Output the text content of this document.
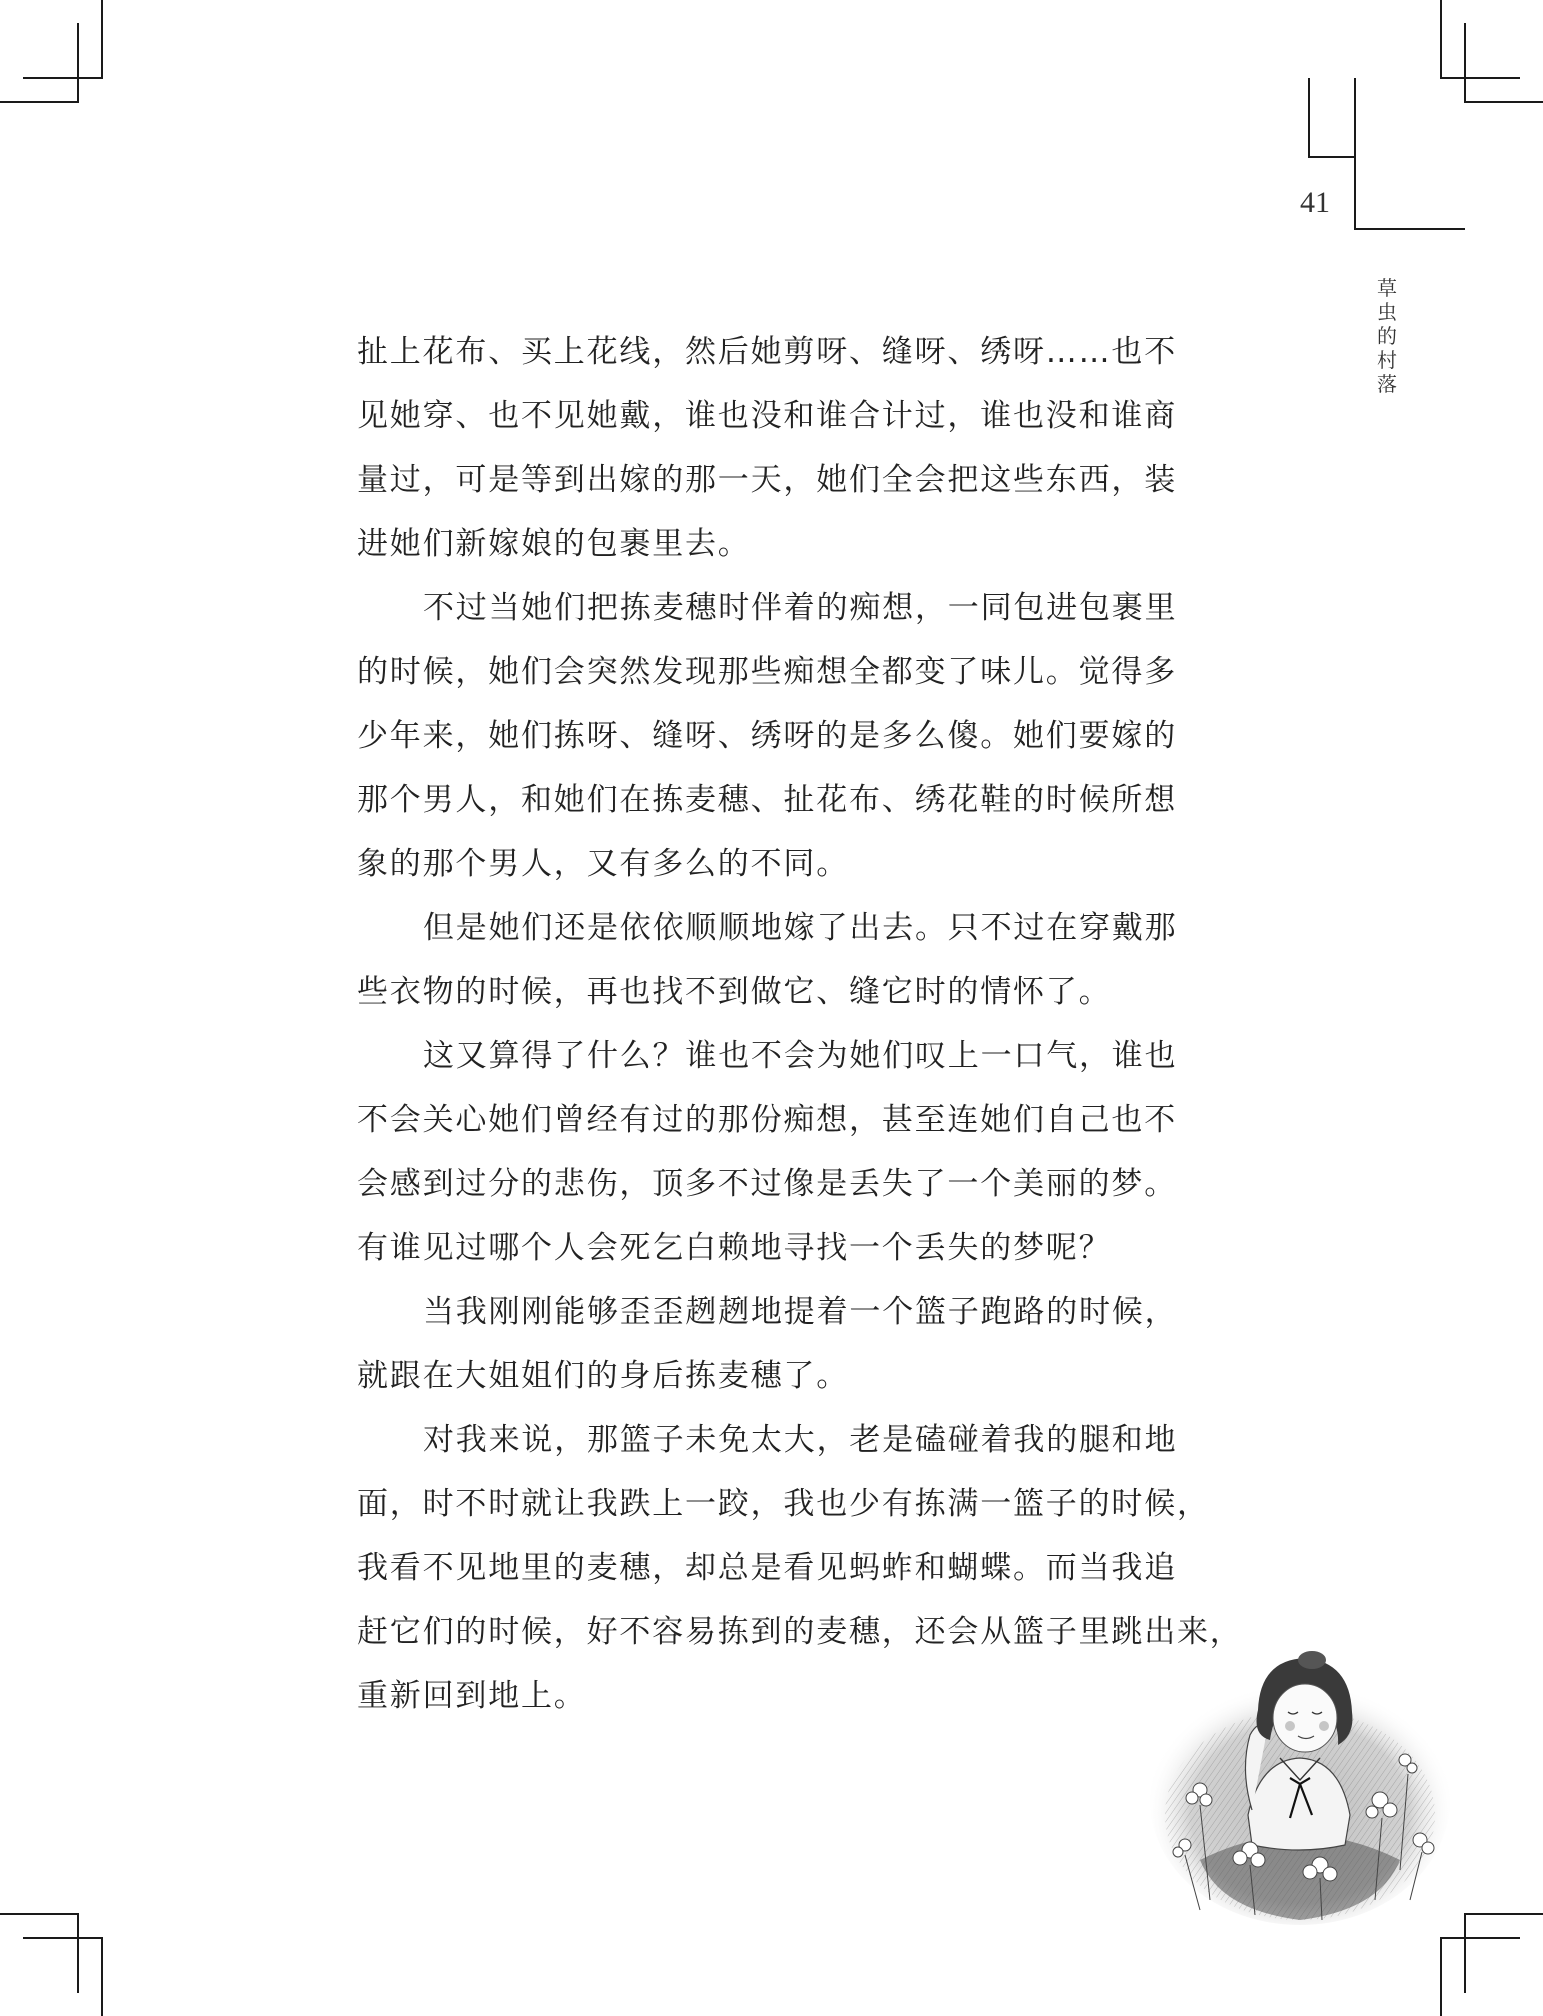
41
草虫的村落
扯上花布、买上花线，然后她剪呀、缝呀、绣呀……也不
见她穿、也不见她戴，谁也没和谁合计过，谁也没和谁商
量过，可是等到出嫁的那一天，她们全会把这些东西，装
进她们新嫁娘的包裹里去。
不过当她们把拣麦穗时伴着的痴想，一同包进包裹里
的时候，她们会突然发现那些痴想全都变了味儿。觉得多
少年来，她们拣呀、缝呀、绣呀的是多么傻。她们要嫁的
那个男人，和她们在拣麦穗、扯花布、绣花鞋的时候所想
象的那个男人，又有多么的不同。
但是她们还是依依顺顺地嫁了出去。只不过在穿戴那
些衣物的时候，再也找不到做它、缝它时的情怀了。
这又算得了什么？谁也不会为她们叹上一口气，谁也
不会关心她们曾经有过的那份痴想，甚至连她们自己也不
会感到过分的悲伤，顶多不过像是丢失了一个美丽的梦。
有谁见过哪个人会死乞白赖地寻找一个丢失的梦呢？
当我刚刚能够歪歪趔趔地提着一个篮子跑路的时候，
就跟在大姐姐们的身后拣麦穗了。
对我来说，那篮子未免太大，老是磕碰着我的腿和地
面，时不时就让我跌上一跤，我也少有拣满一篮子的时候，
我看不见地里的麦穗，却总是看见蚂蚱和蝴蝶。而当我追
赶它们的时候，好不容易拣到的麦穗，还会从篮子里跳出来，
重新回到地上。
